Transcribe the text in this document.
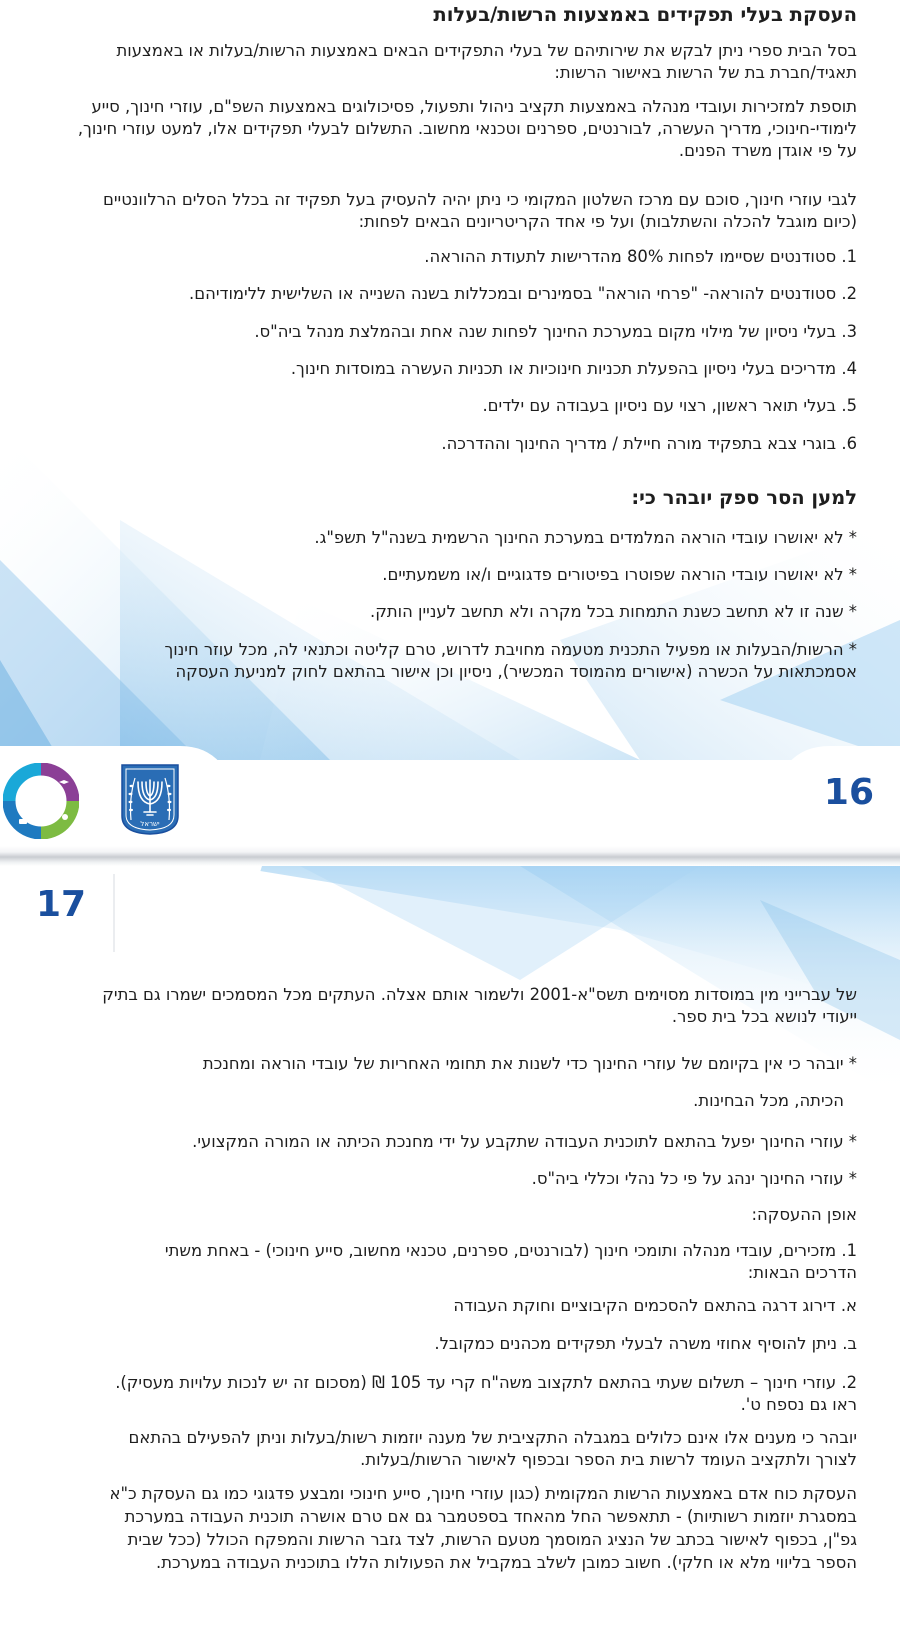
העסקת בעלי תפקידים באמצעות הרשות/בעלות

בסל הבית ספרי ניתן לבקש את שירותיהם של בעלי התפקידים הבאים באמצעות הרשות/בעלות או באמצעות תאגיד/חברת בת של הרשות באישור הרשות:

תוספת למזכירות ועובדי מנהלה באמצעות תקציב ניהול ותפעול, פסיכולוגים באמצעות השפ"ם, עוזרי חינוך, סייע לימודי-חינוכי, מדריך העשרה, לבורנטים, ספרנים וטכנאי מחשוב. התשלום לבעלי תפקידים אלו, למעט עוזרי חינוך, על פי אוגדן משרד הפנים.

לגבי עוזרי חינוך, סוכם עם מרכז השלטון המקומי כי ניתן יהיה להעסיק בעל תפקיד זה בכלל הסלים הרלוונטיים (כיום מוגבל להכלה והשתלבות) ועל פי אחד הקריטריונים הבאים לפחות:

1. סטודנטים שסיימו לפחות 80% מהדרישות לתעודת ההוראה.

2. סטודנטים להוראה- "פרחי הוראה" בסמינרים ובמכללות בשנה השנייה או השלישית ללימודיהם.

3. בעלי ניסיון של מילוי מקום במערכת החינוך לפחות שנה אחת ובהמלצת מנהל ביה"ס.

4. מדריכים בעלי ניסיון בהפעלת תכניות חינוכיות או תכניות העשרה במוסדות חינוך.

5. בעלי תואר ראשון, רצוי עם ניסיון בעבודה עם ילדים.

6. בוגרי צבא בתפקיד מורה חיילת / מדריך החינוך וההדרכה.

למען הסר ספק יובהר כי:

* לא יאושרו עובדי הוראה המלמדים במערכת החינוך הרשמית בשנה"ל תשפ"ג.

* לא יאושרו עובדי הוראה שפוטרו בפיטורים פדגוגיים ו/או משמעתיים.

* שנה זו לא תחשב כשנת התמחות בכל מקרה ולא תחשב לעניין הותק.

* הרשות/הבעלות או מפעיל התכנית מטעמה מחויבת לדרוש, טרם קליטה וכתנאי לה, מכל עוזר חינוך אסמכתאות על הכשרה (אישורים מהמוסד המכשיר), ניסיון וכן אישור בהתאם לחוק למניעת העסקה

16
17
ישראל

של עברייני מין במוסדות מסוימים תשס"א-2001 ולשמור אותם אצלה. העתקים מכל המסמכים ישמרו גם בתיק ייעודי לנושא בכל בית ספר.

* יובהר כי אין בקיומם של עוזרי החינוך כדי לשנות את תחומי האחריות של עובדי הוראה ומחנכת

הכיתה, מכל הבחינות.

* עוזרי החינוך יפעל בהתאם לתוכנית העבודה שתקבע על ידי מחנכת הכיתה או המורה המקצועי.

* עוזרי החינוך ינהג על פי כל נהלי וכללי ביה"ס.

אופן ההעסקה:

1. מזכירים, עובדי מנהלה ותומכי חינוך (לבורנטים, ספרנים, טכנאי מחשוב, סייע חינוכי) - באחת משתי הדרכים הבאות:

א. דירוג דרגה בהתאם להסכמים הקיבוציים וחוקת העבודה

ב. ניתן להוסיף אחוזי משרה לבעלי תפקידים מכהנים כמקובל.

2. עוזרי חינוך – תשלום שעתי בהתאם לתקצוב משה"ח קרי עד 105 ₪ (מסכום זה יש לנכות עלויות מעסיק). ראו גם נספח ט'.

יובהר כי מענים אלו אינם כלולים במגבלה התקציבית של מענה יוזמות רשות/בעלות וניתן להפעילם בהתאם לצורך ולתקציב העומד לרשות בית הספר ובכפוף לאישור הרשות/בעלות.

העסקת כוח אדם באמצעות הרשות המקומית (כגון עוזרי חינוך, סייע חינוכי ומבצע פדגוגי כמו גם העסקת כ"א במסגרת יוזמות רשותיות) - תתאפשר החל מהאחד בספטמבר גם אם טרם אושרה תוכנית העבודה במערכת גפ"ן, בכפוף לאישור בכתב של הנציג המוסמך מטעם הרשות, לצד גזבר הרשות והמפקח הכולל (ככל שבית הספר בליווי מלא או חלקי). חשוב כמובן לשלב במקביל את הפעולות הללו בתוכנית העבודה במערכת.
